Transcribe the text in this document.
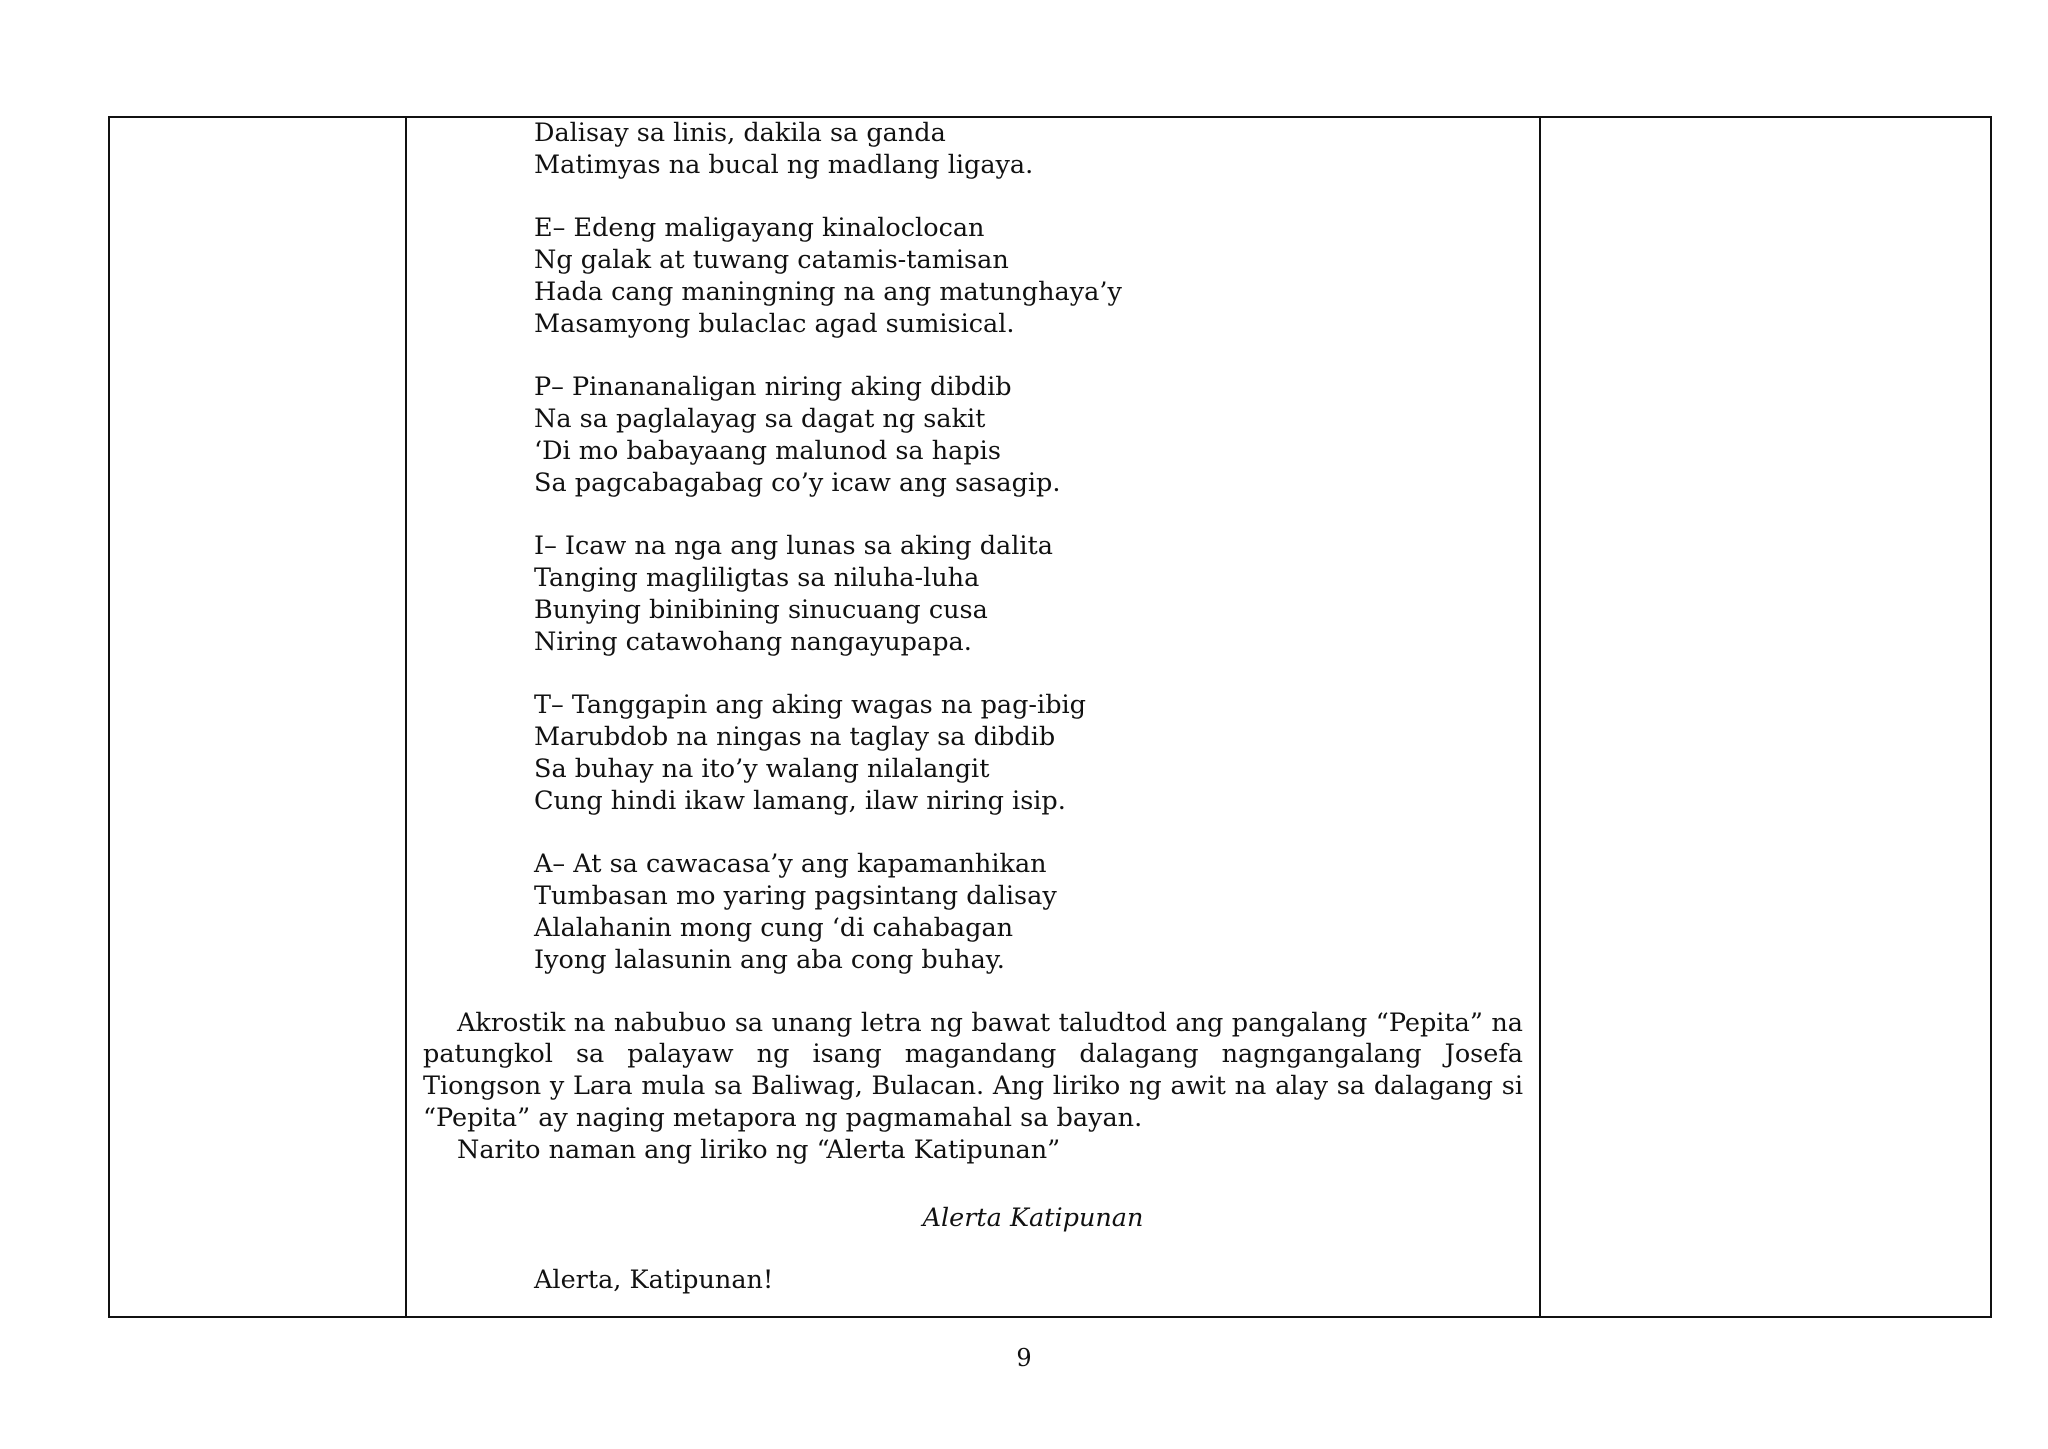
Dalisay sa linis, dakila sa ganda
Matimyas na bucal ng madlang ligaya.
E– Edeng maligayang kinaloclocan
Ng galak at tuwang catamis-tamisan
Hada cang maningning na ang matunghaya’y
Masamyong bulaclac agad sumisical.
P– Pinananaligan niring aking dibdib
Na sa paglalayag sa dagat ng sakit
‘Di mo babayaang malunod sa hapis
Sa pagcabagabag co’y icaw ang sasagip.
I– Icaw na nga ang lunas sa aking dalita
Tanging magliligtas sa niluha-luha
Bunying binibining sinucuang cusa
Niring catawohang nangayupapa.
T– Tanggapin ang aking wagas na pag-ibig
Marubdob na ningas na taglay sa dibdib
Sa buhay na ito’y walang nilalangit
Cung hindi ikaw lamang, ilaw niring isip.
A– At sa cawacasa’y ang kapamanhikan
Tumbasan mo yaring pagsintang dalisay
Alalahanin mong cung ‘di cahabagan
Iyong lalasunin ang aba cong buhay.
Akrostik na nabubuo sa unang letra ng bawat taludtod ang pangalang “Pepita” na patungkol sa palayaw ng isang magandang dalagang nagngangalang Josefa Tiongson y Lara mula sa Baliwag, Bulacan. Ang liriko ng awit na alay sa dalagang si “Pepita” ay naging metapora ng pagmamahal sa bayan.
Narito naman ang liriko ng “Alerta Katipunan”
Alerta Katipunan
Alerta, Katipunan!
9
